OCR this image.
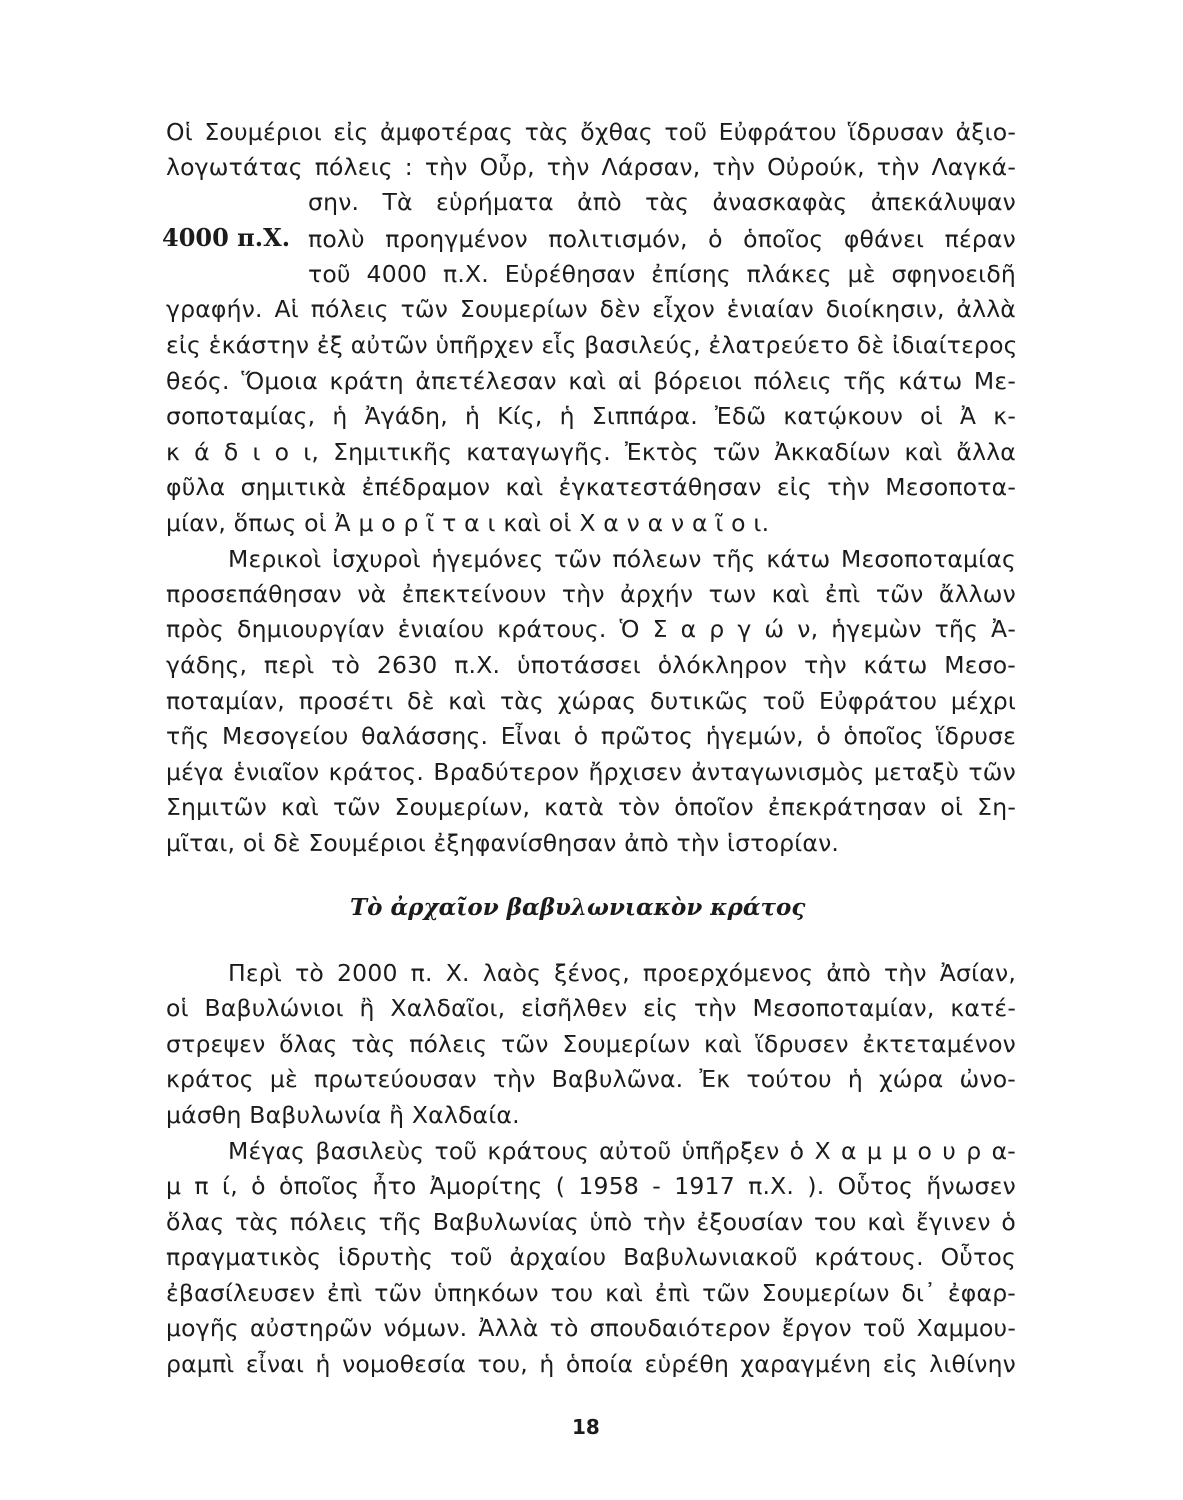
Οἱ Σουμέριοι εἰς ἀμφοτέρας τὰς ὄχθας τοῦ Εὐφράτου ἵδρυσαν ἀξιο-
λογωτάτας πόλεις : τὴν Οὖρ, τὴν Λάρσαν, τὴν Οὐρούκ, τὴν Λαγκά-
σην. Τὰ εὑρήματα ἀπὸ τὰς ἀνασκαφὰς ἀπεκάλυψαν
4000 π.Χ. πολὺ προηγμένον πολιτισμόν, ὁ ὁποῖος φθάνει πέραν
τοῦ 4000 π.Χ. Εὑρέθησαν ἐπίσης πλάκες μὲ σφηνοειδῆ
γραφήν. Αἱ πόλεις τῶν Σουμερίων δὲν εἶχον ἑνιαίαν διοίκησιν, ἀλλὰ
εἰς ἑκάστην ἐξ αὐτῶν ὑπῆρχεν εἷς βασιλεύς, ἐλατρεύετο δὲ ἰδιαίτερος
θεός. Ὅμοια κράτη ἀπετέλεσαν καὶ αἱ βόρειοι πόλεις τῆς κάτω Με-
σοποταμίας, ἡ Ἀγάδη, ἡ Κίς, ἡ Σιππάρα. Ἐδῶ κατῴκουν οἱ Ἀ κ-
κ ά δ ι ο ι, Σημιτικῆς καταγωγῆς. Ἐκτὸς τῶν Ἀκκαδίων καὶ ἄλλα
φῦλα σημιτικὰ ἐπέδραμον καὶ ἐγκατεστάθησαν εἰς τὴν Μεσοποτα-
μίαν, ὅπως οἱ Ἀ μ ο ρ ῖ τ α ι καὶ οἱ Χ α ν α ν α ῖ ο ι.
Μερικοὶ ἰσχυροὶ ἡγεμόνες τῶν πόλεων τῆς κάτω Μεσοποταμίας
προσεπάθησαν νὰ ἐπεκτείνουν τὴν ἀρχήν των καὶ ἐπὶ τῶν ἄλλων
πρὸς δημιουργίαν ἑνιαίου κράτους. Ὁ Σ α ρ γ ώ ν, ἡγεμὼν τῆς Ἀ-
γάδης, περὶ τὸ 2630 π.Χ. ὑποτάσσει ὁλόκληρον τὴν κάτω Μεσο-
ποταμίαν, προσέτι δὲ καὶ τὰς χώρας δυτικῶς τοῦ Εὐφράτου μέχρι
τῆς Μεσογείου θαλάσσης. Εἶναι ὁ πρῶτος ἡγεμών, ὁ ὁποῖος ἵδρυσε
μέγα ἑνιαῖον κράτος. Βραδύτερον ἤρχισεν ἀνταγωνισμὸς μεταξὺ τῶν
Σημιτῶν καὶ τῶν Σουμερίων, κατὰ τὸν ὁποῖον ἐπεκράτησαν οἱ Ση-
μῖται, οἱ δὲ Σουμέριοι ἐξηφανίσθησαν ἀπὸ τὴν ἱστορίαν.
Τὸ ἀρχαῖον βαβυλωνιακὸν κράτος
Περὶ τὸ 2000 π. Χ. λαὸς ξένος, προερχόμενος ἀπὸ τὴν Ἀσίαν,
οἱ Βαβυλώνιοι ἢ Χαλδαῖοι, εἰσῆλθεν εἰς τὴν Μεσοποταμίαν, κατέ-
στρεψεν ὅλας τὰς πόλεις τῶν Σουμερίων καὶ ἵδρυσεν ἐκτεταμένον
κράτος μὲ πρωτεύουσαν τὴν Βαβυλῶνα. Ἐκ τούτου ἡ χώρα ὠνο-
μάσθη Βαβυλωνία ἢ Χαλδαία.
Μέγας βασιλεὺς τοῦ κράτους αὐτοῦ ὑπῆρξεν ὁ Χ α μ μ ο υ ρ α-
μ π ί, ὁ ὁποῖος ἦτο Ἀμορίτης ( 1958 - 1917 π.Χ. ). Οὗτος ἥνωσεν
ὅλας τὰς πόλεις τῆς Βαβυλωνίας ὑπὸ τὴν ἐξουσίαν του καὶ ἔγινεν ὁ
πραγματικὸς ἱδρυτὴς τοῦ ἀρχαίου Βαβυλωνιακοῦ κράτους. Οὗτος
ἐβασίλευσεν ἐπὶ τῶν ὑπηκόων του καὶ ἐπὶ τῶν Σουμερίων δι᾽ ἐφαρ-
μογῆς αὐστηρῶν νόμων. Ἀλλὰ τὸ σπουδαιότερον ἔργον τοῦ Χαμμου-
ραμπὶ εἶναι ἡ νομοθεσία του, ἡ ὁποία εὑρέθη χαραγμένη εἰς λιθίνην
18
